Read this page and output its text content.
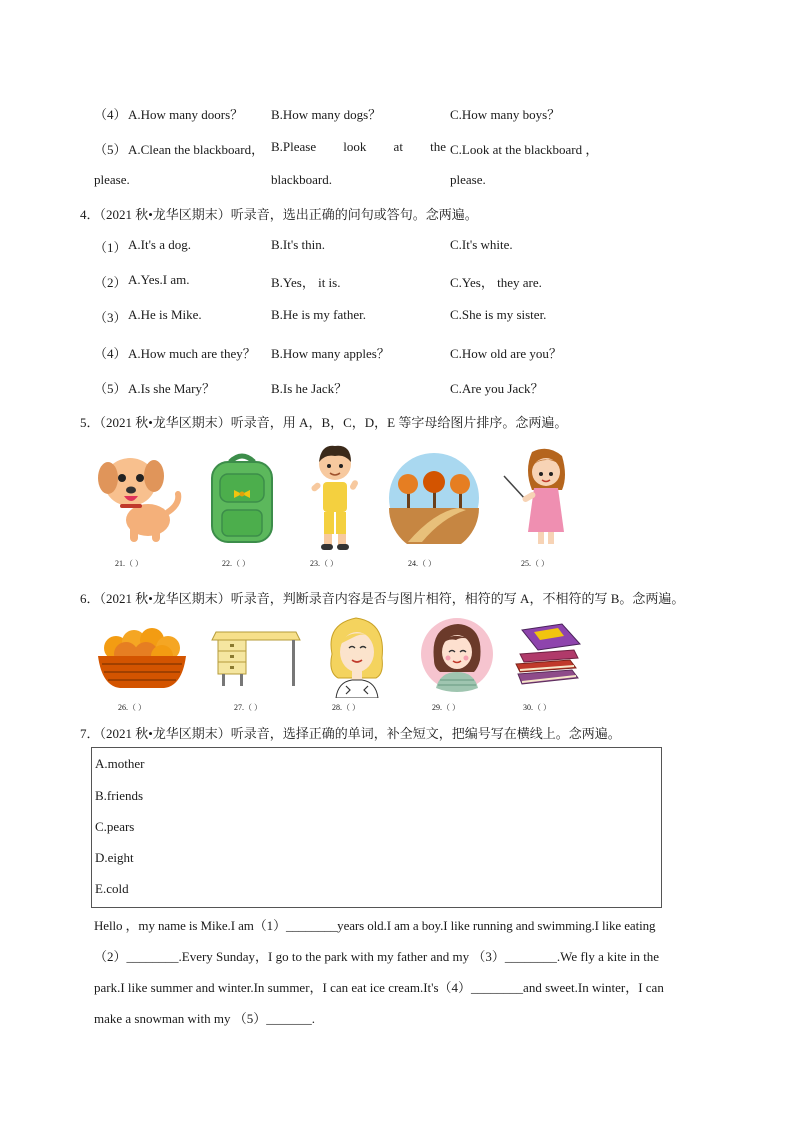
（4） A.How many doors？ B.How many dogs？	C.How many boys？
（5） A.Clean the blackboard， B.Please look at the C.Look at the blackboard ，
please.	blackboard.	please.
4．（2021 秋•龙华区期末）听录音，选出正确的问句或答句。念两遍。
（1） A.It's a dog.	B.It's thin.	C.It's white.
（2） A.Yes.I am.	B.Yes， it is.	C.Yes， they are.
（3） A.He is Mike.	B.He is my father.	C.She is my sister.
（4） A.How much are they？ B.How many apples？	C.How old are you？
（5） A.Is she Mary？	B.Is he Jack？	C.Are you Jack？
5．（2021 秋•龙华区期末）听录音，用 A，B，C，D，E 等字母给图片排序。念两遍。
21.（ ）	22.（ ）	23.（ ）	24.（ ）	25.（ ）
6．（2021 秋•龙华区期末）听录音，判断录音内容是否与图片相符，相符的写 A，不相符的写 B。念两遍。
26.（ ）	27.（ ）	28.（ ）	29.（ ）	30.（ ）
7．（2021 秋•龙华区期末）听录音，选择正确的单词，补全短文，把编号写在横线上。念两遍。
A.mother
B.friends
C.pears
D.eight
E.cold
Hello ，my name is Mike.I am（1）________years old.I am a boy.I like running and swimming.I like eating
（2）________.Every Sunday，I go to the park with my father and my （3）________.We fly a kite in the
park.I like summer and winter.In summer，I can eat ice cream.It's（4）________and sweet.In winter，I can
make a snowman with my （5）_______.
